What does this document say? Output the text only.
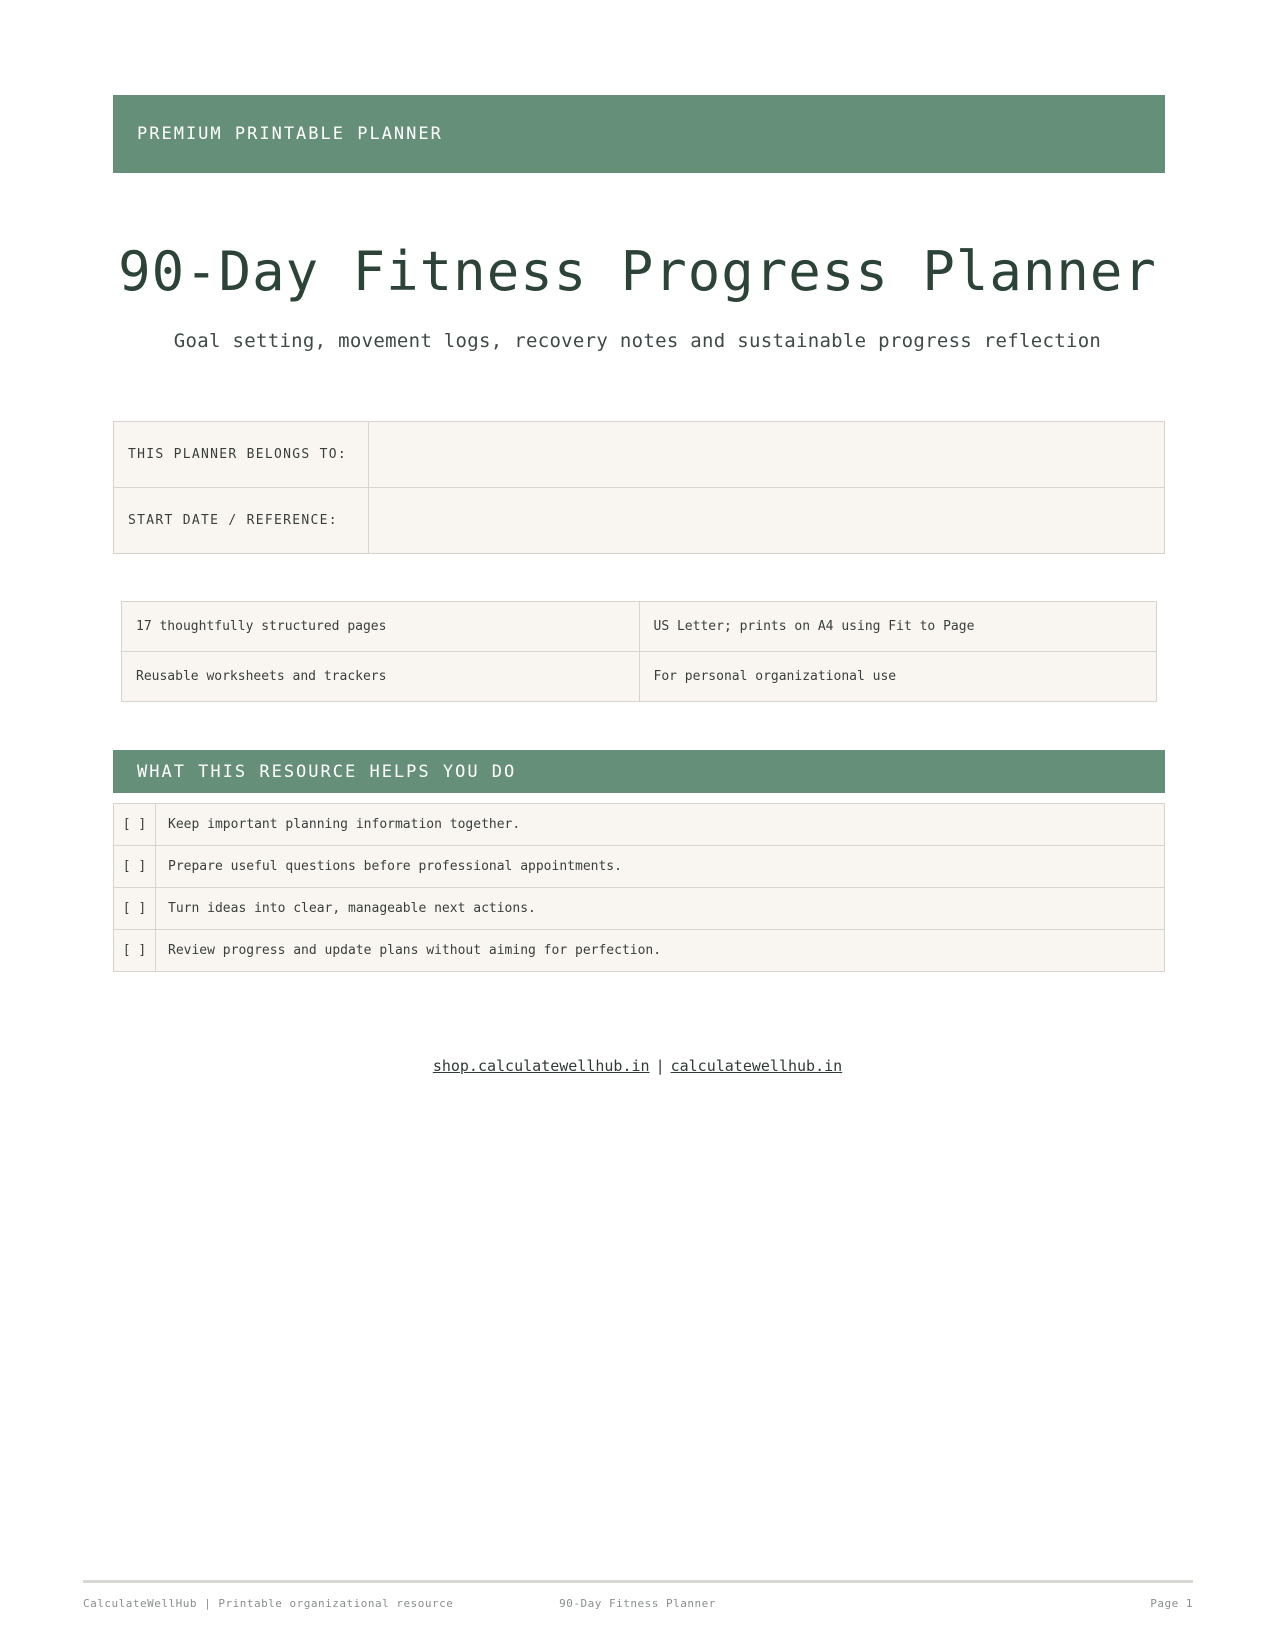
PREMIUM PRINTABLE PLANNER
90-Day Fitness Progress Planner
Goal setting, movement logs, recovery notes and sustainable progress reflection
THIS PLANNER BELONGS TO:	
START DATE / REFERENCE:	
17 thoughtfully structured pages	US Letter; prints on A4 using Fit to Page
Reusable worksheets and trackers	For personal organizational use
WHAT THIS RESOURCE HELPS YOU DO
[ ]	Keep important planning information together.
[ ]	Prepare useful questions before professional appointments.
[ ]	Turn ideas into clear, manageable next actions.
[ ]	Review progress and update plans without aiming for perfection.
shop.calculatewellhub.in | calculatewellhub.in
CalculateWellHub | Printable organizational resource	90-Day Fitness Planner	Page 1
